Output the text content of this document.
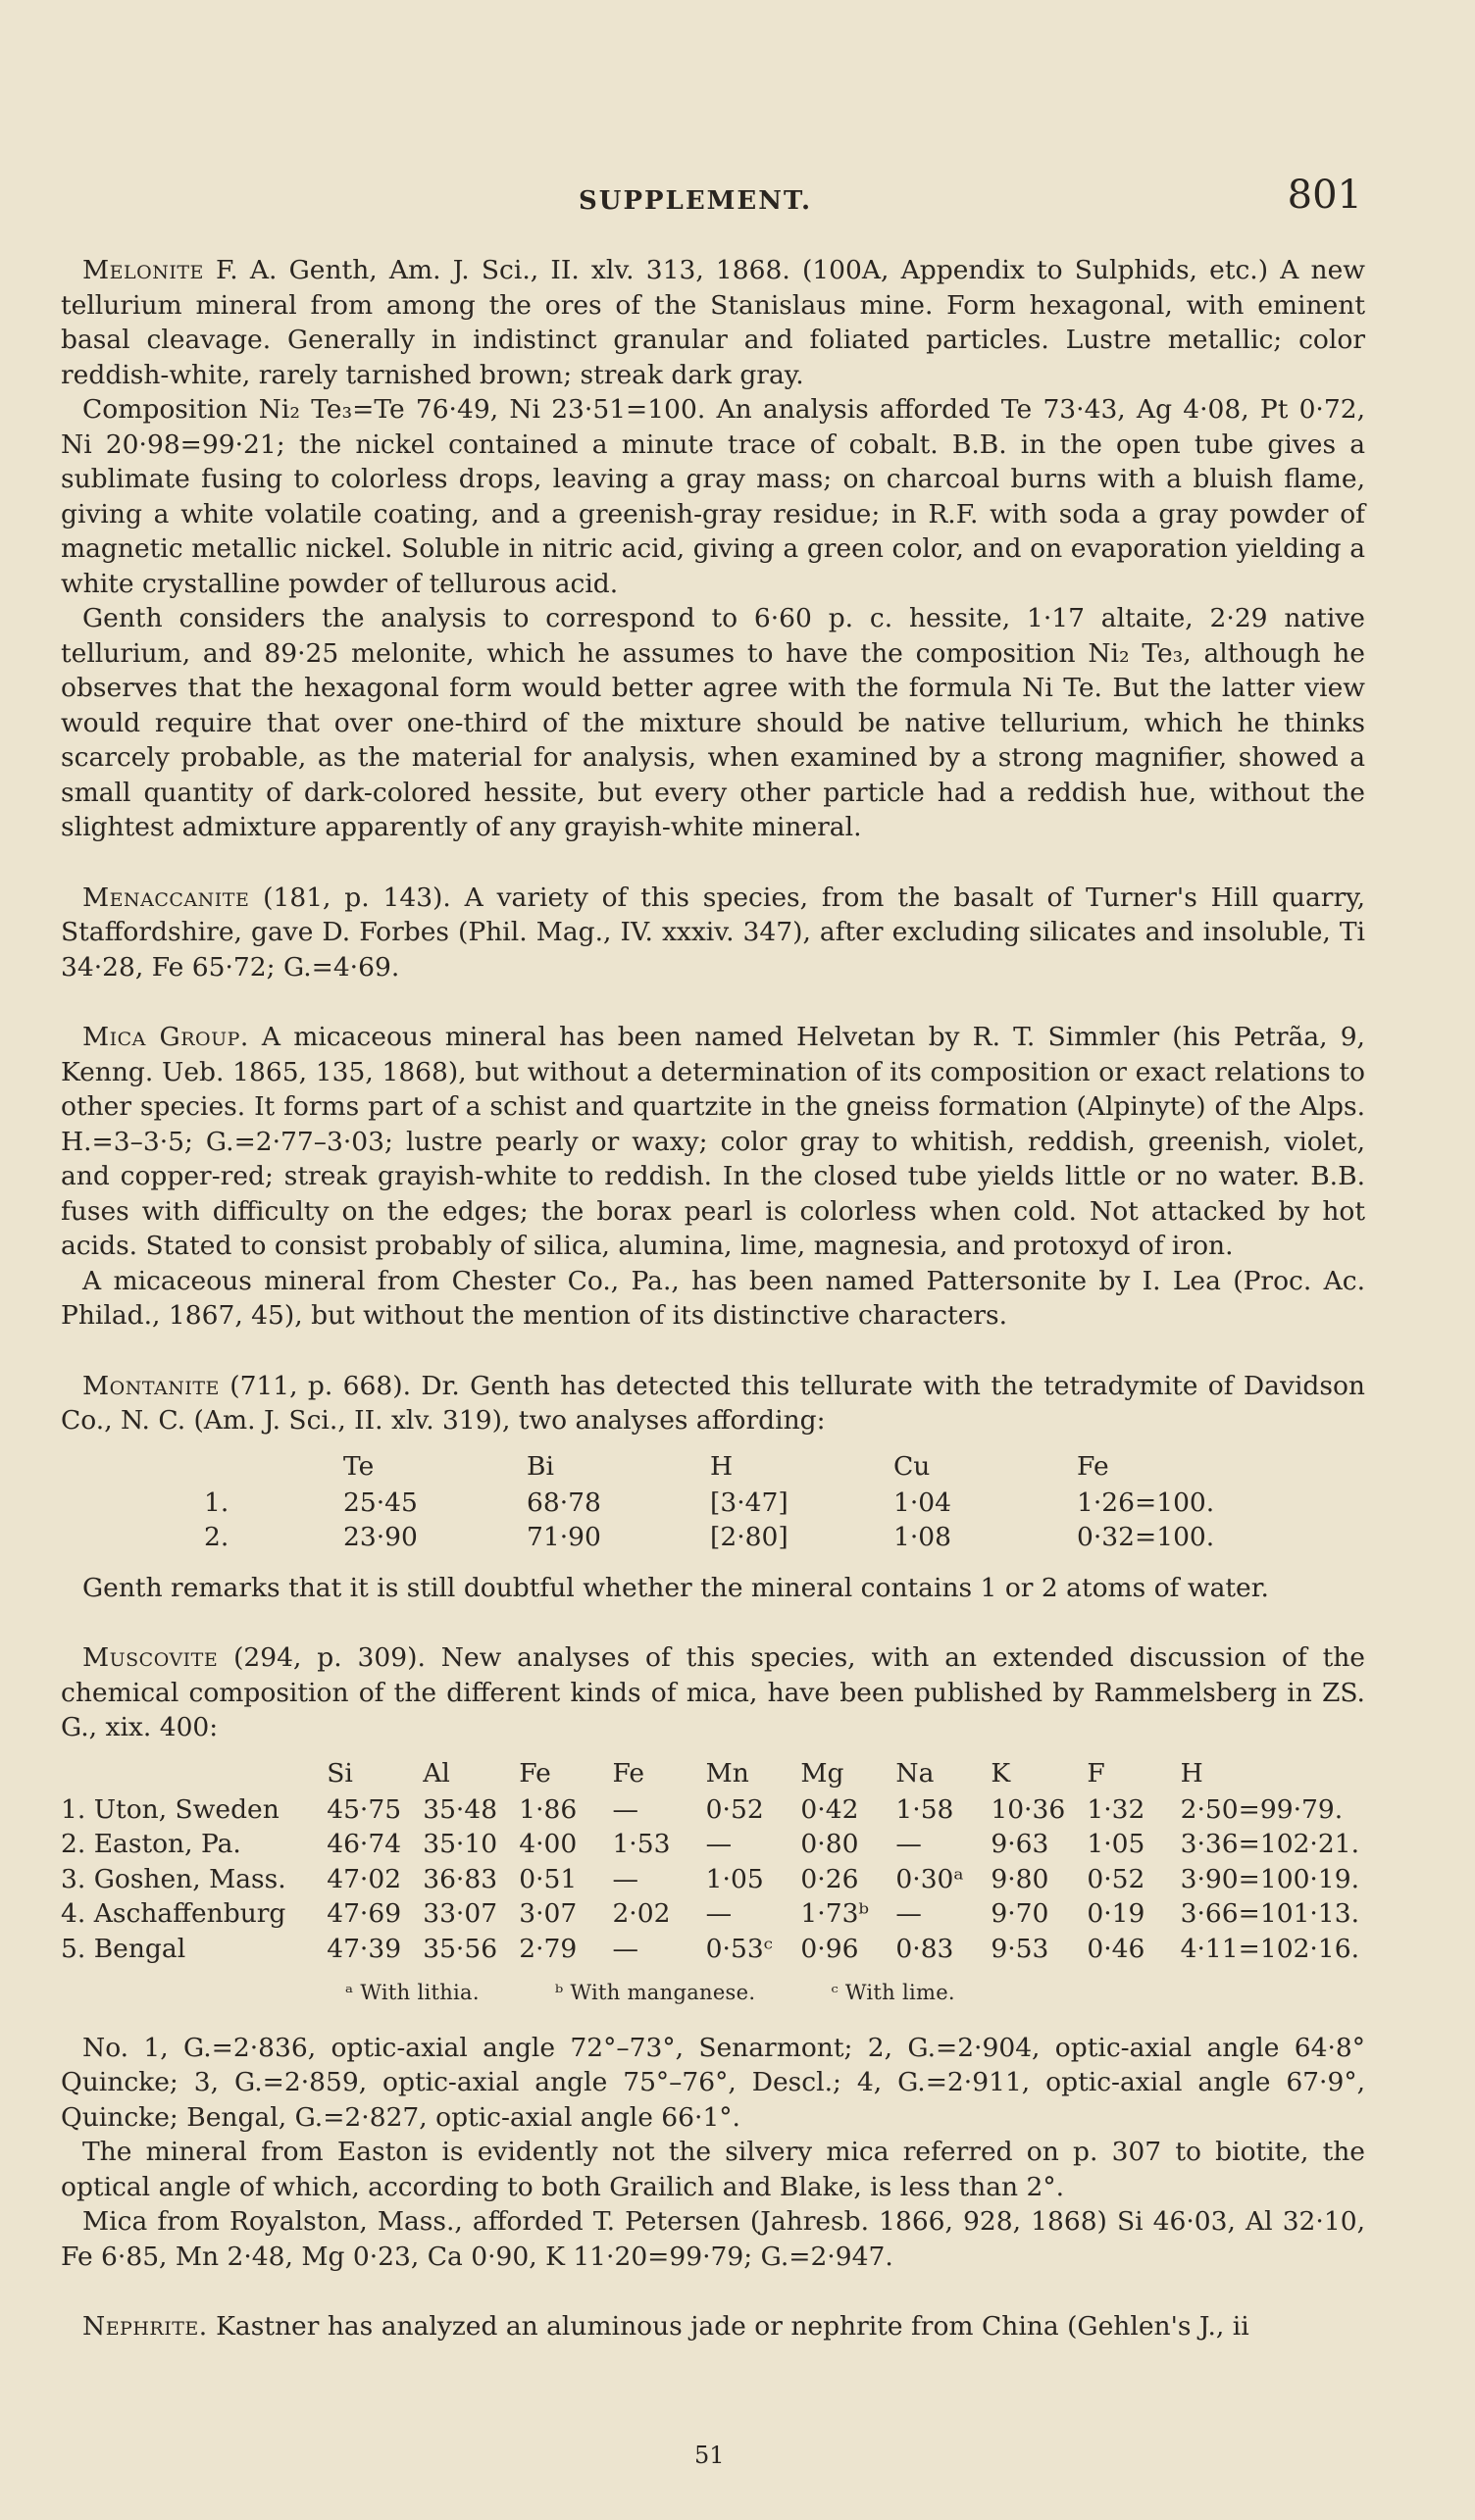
SUPPLEMENT.	801

Melonite F. A. Genth, Am. J. Sci., II. xlv. 313, 1868. (100A, Appendix to Sulphids, etc.) A new tellurium mineral from among the ores of the Stanislaus mine. Form hexagonal, with eminent basal cleavage. Generally in indistinct granular and foliated particles. Lustre metallic; color reddish-white, rarely tarnished brown; streak dark gray.

Composition Ni₂ Te₃=Te 76·49, Ni 23·51=100. An analysis afforded Te 73·43, Ag 4·08, Pt 0·72, Ni 20·98=99·21; the nickel contained a minute trace of cobalt. B.B. in the open tube gives a sublimate fusing to colorless drops, leaving a gray mass; on charcoal burns with a bluish flame, giving a white volatile coating, and a greenish-gray residue; in R.F. with soda a gray powder of magnetic metallic nickel. Soluble in nitric acid, giving a green color, and on evaporation yielding a white crystalline powder of tellurous acid.

Genth considers the analysis to correspond to 6·60 p. c. hessite, 1·17 altaite, 2·29 native tellurium, and 89·25 melonite, which he assumes to have the composition Ni₂ Te₃, although he observes that the hexagonal form would better agree with the formula Ni Te. But the latter view would require that over one-third of the mixture should be native tellurium, which he thinks scarcely probable, as the material for analysis, when examined by a strong magnifier, showed a small quantity of dark-colored hessite, but every other particle had a reddish hue, without the slightest admixture apparently of any grayish-white mineral.

Menaccanite (181, p. 143). A variety of this species, from the basalt of Turner's Hill quarry, Staffordshire, gave D. Forbes (Phil. Mag., IV. xxxiv. 347), after excluding silicates and insoluble, Ti 34·28, Fe 65·72; G.=4·69.

Mica Group. A micaceous mineral has been named Helvetan by R. T. Simmler (his Petrãa, 9, Kenng. Ueb. 1865, 135, 1868), but without a determination of its composition or exact relations to other species. It forms part of a schist and quartzite in the gneiss formation (Alpinyte) of the Alps. H.=3–3·5; G.=2·77–3·03; lustre pearly or waxy; color gray to whitish, reddish, greenish, violet, and copper-red; streak grayish-white to reddish. In the closed tube yields little or no water. B.B. fuses with difficulty on the edges; the borax pearl is colorless when cold. Not attacked by hot acids. Stated to consist probably of silica, alumina, lime, magnesia, and protoxyd of iron.

A micaceous mineral from Chester Co., Pa., has been named Pattersonite by I. Lea (Proc. Ac. Philad., 1867, 45), but without the mention of its distinctive characters.

Montanite (711, p. 668). Dr. Genth has detected this tellurate with the tetradymite of Davidson Co., N. C. (Am. J. Sci., II. xlv. 319), two analyses affording:

	Te	Bi	H	Cu	Fe
1.	25·45	68·78	[3·47]	1·04	1·26=100.
2.	23·90	71·90	[2·80]	1·08	0·32=100.

Genth remarks that it is still doubtful whether the mineral contains 1 or 2 atoms of water.

Muscovite (294, p. 309). New analyses of this species, with an extended discussion of the chemical composition of the different kinds of mica, have been published by Rammelsberg in ZS. G., xix. 400:

	Si	Al	Fe	Fe	Mn	Mg	Na	K	F	H
1. Uton, Sweden	45·75	35·48	1·86	—	0·52	0·42	1·58	10·36	1·32	2·50=99·79.
2. Easton, Pa.	46·74	35·10	4·00	1·53	—	0·80	—	9·63	1·05	3·36=102·21.
3. Goshen, Mass.	47·02	36·83	0·51	—	1·05	0·26	0·30ᵃ	9·80	0·52	3·90=100·19.
4. Aschaffenburg	47·69	33·07	3·07	2·02	—	1·73ᵇ	—	9·70	0·19	3·66=101·13.
5. Bengal	47·39	35·56	2·79	—	0·53ᶜ	0·96	0·83	9·53	0·46	4·11=102·16.
ᵃ With lithia.	ᵇ With manganese.	ᶜ With lime.

No. 1, G.=2·836, optic-axial angle 72°–73°, Senarmont; 2, G.=2·904, optic-axial angle 64·8° Quincke; 3, G.=2·859, optic-axial angle 75°–76°, Descl.; 4, G.=2·911, optic-axial angle 67·9°, Quincke; Bengal, G.=2·827, optic-axial angle 66·1°.

The mineral from Easton is evidently not the silvery mica referred on p. 307 to biotite, the optical angle of which, according to both Grailich and Blake, is less than 2°.

Mica from Royalston, Mass., afforded T. Petersen (Jahresb. 1866, 928, 1868) Si 46·03, Al 32·10, Fe 6·85, Mn 2·48, Mg 0·23, Ca 0·90, K 11·20=99·79; G.=2·947.

Nephrite. Kastner has analyzed an aluminous jade or nephrite from China (Gehlen's J., ii

51
